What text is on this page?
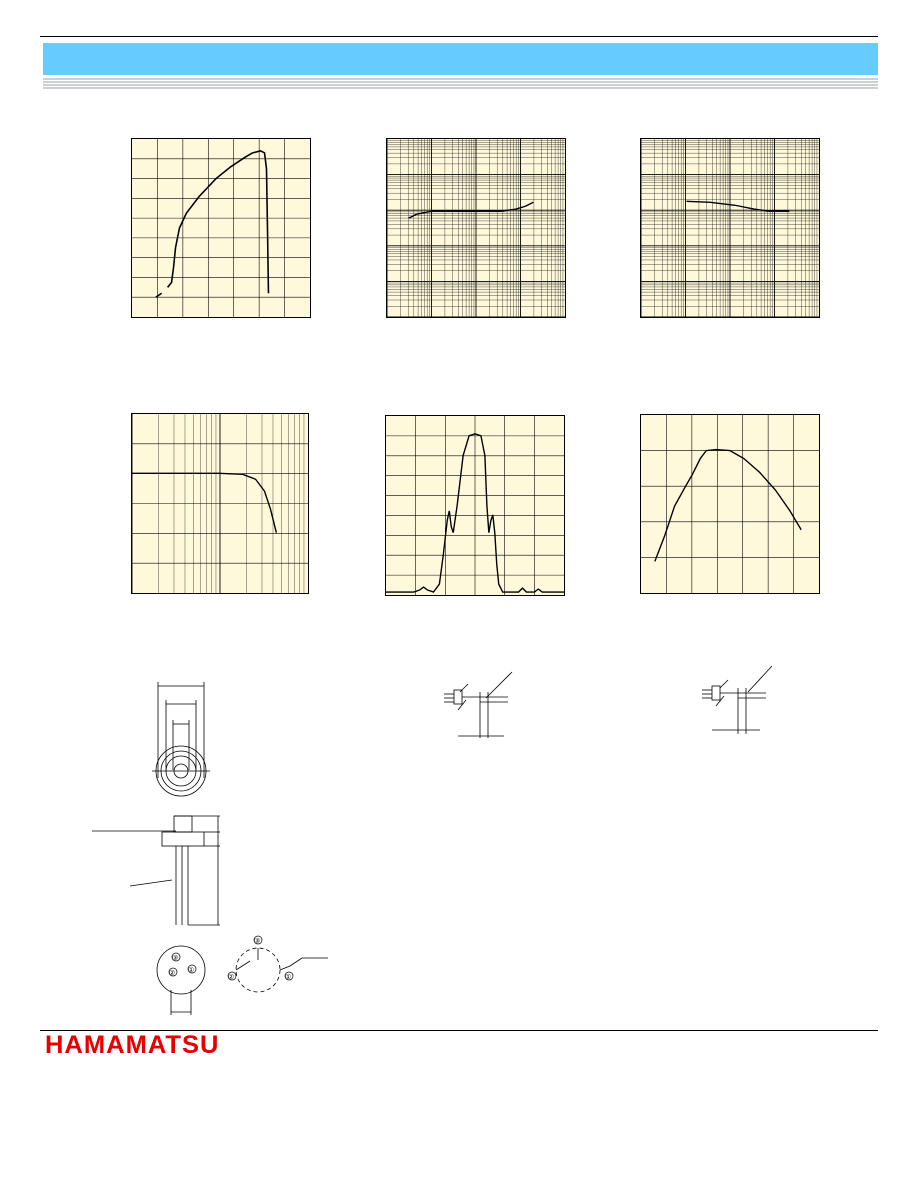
③
② ①
③
②	①
HAMAMATSU
